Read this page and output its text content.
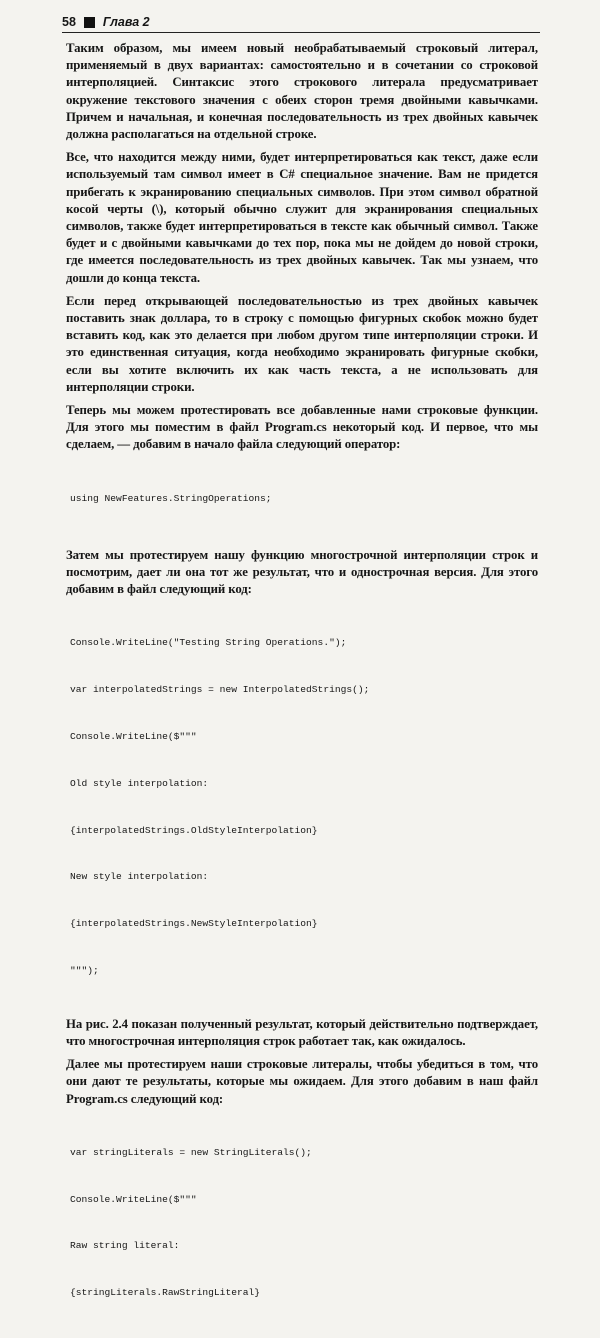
58 Глава 2

Таким образом, мы имеем новый необрабатываемый строковый литерал, применяемый в двух вариантах: самостоятельно и в сочетании со строковой интерполяцией. Синтаксис этого строкового литерала предусматривает окружение текстового значения с обеих сторон тремя двойными кавычками. Причем и начальная, и конечная последовательность из трех двойных кавычек должна располагаться на отдельной строке.

Все, что находится между ними, будет интерпретироваться как текст, даже если используемый там символ имеет в C# специальное значение. Вам не придется прибегать к экранированию специальных символов. При этом символ обратной косой черты (\), который обычно служит для экранирования специальных символов, также будет интерпретироваться в тексте как обычный символ. Также будет и с двойными кавычками до тех пор, пока мы не дойдем до новой строки, где имеется последовательность из трех двойных кавычек. Так мы узнаем, что дошли до конца текста.

Если перед открывающей последовательностью из трех двойных кавычек поставить знак доллара, то в строку с помощью фигурных скобок можно будет вставить код, как это делается при любом другом типе интерполяции строки. И это единственная ситуация, когда необходимо экранировать фигурные скобки, если вы хотите включить их как часть текста, а не использовать для интерполяции строки.

Теперь мы можем протестировать все добавленные нами строковые функции. Для этого мы поместим в файл Program.cs некоторый код. И первое, что мы сделаем, — добавим в начало файла следующий оператор:

using NewFeatures.StringOperations;

Затем мы протестируем нашу функцию многострочной интерполяции строк и посмотрим, дает ли она тот же результат, что и однострочная версия. Для этого добавим в файл следующий код:

Console.WriteLine("Testing String Operations.");

var interpolatedStrings = new InterpolatedStrings();

Console.WriteLine($"""

Old style interpolation:

{interpolatedStrings.OldStyleInterpolation}

New style interpolation:

{interpolatedStrings.NewStyleInterpolation}

""");

На рис. 2.4 показан полученный результат, который действительно подтверждает, что многострочная интерполяция строк работает так, как ожидалось.

Далее мы протестируем наши строковые литералы, чтобы убедиться в том, что они дают те результаты, которые мы ожидаем. Для этого добавим в наш файл Program.cs следующий код:

var stringLiterals = new StringLiterals();

Console.WriteLine($"""

Raw string literal:

{stringLiterals.RawStringLiteral}
